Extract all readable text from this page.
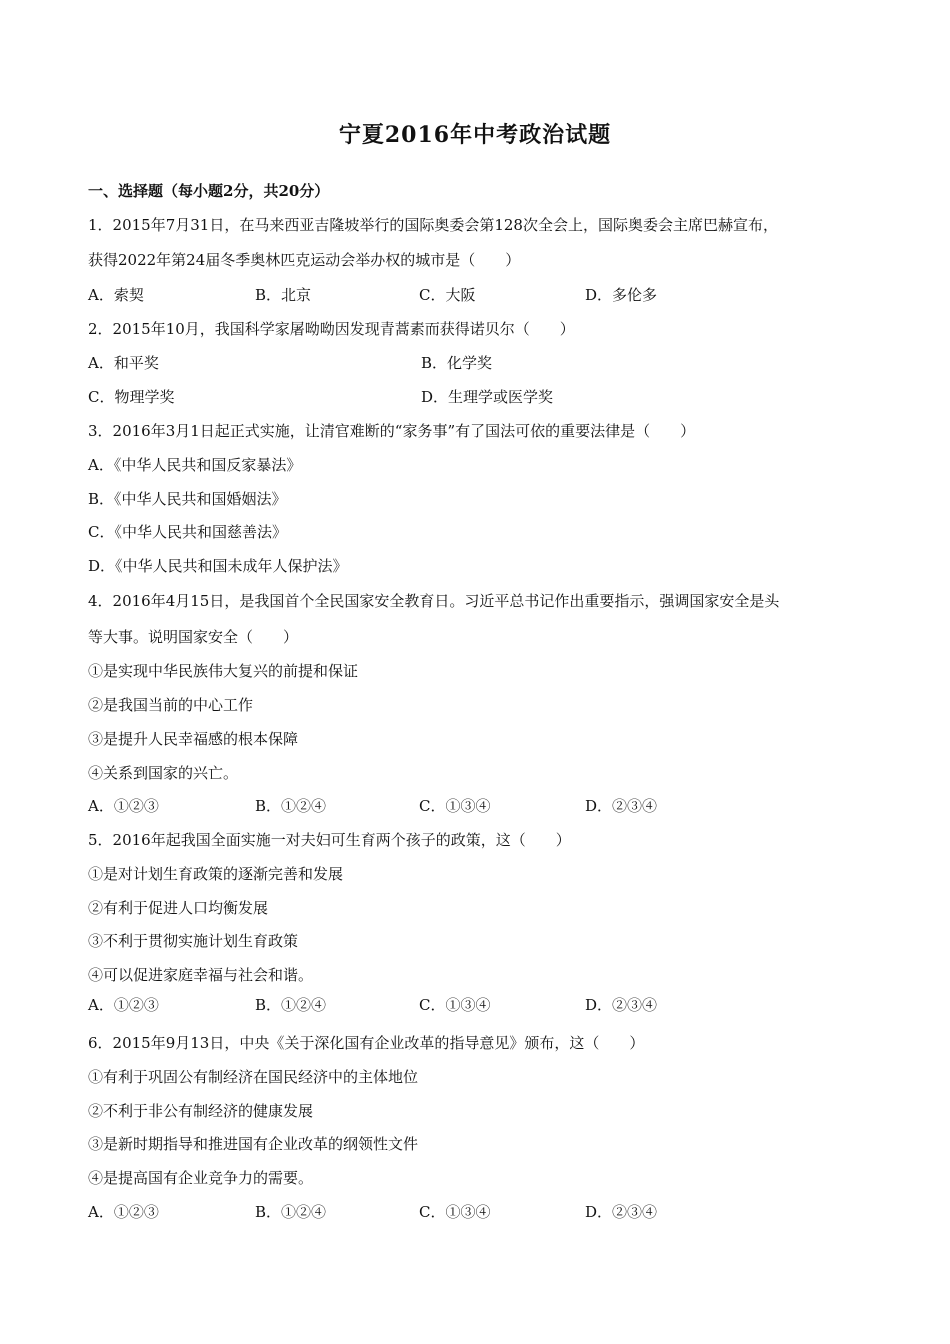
宁夏2016年中考政治试题
一、选择题（每小题2分，共20分）
1．2015年7月31日，在马来西亚吉隆坡举行的国际奥委会第128次全会上，国际奥委会主席巴赫宣布，
获得2022年第24届冬季奥林匹克运动会举办权的城市是（　　）
A．索契	B．北京	C．大阪	D．多伦多
2．2015年10月，我国科学家屠呦呦因发现青蒿素而获得诺贝尔（　　）
A．和平奖	B．化学奖
C．物理学奖	D．生理学或医学奖
3．2016年3月1日起正式实施，让清官难断的“家务事”有了国法可依的重要法律是（　　）
A．《中华人民共和国反家暴法》
B．《中华人民共和国婚姻法》
C．《中华人民共和国慈善法》
D．《中华人民共和国未成年人保护法》
4．2016年4月15日，是我国首个全民国家安全教育日。习近平总书记作出重要指示，强调国家安全是头
等大事。说明国家安全（　　）
①是实现中华民族伟大复兴的前提和保证
②是我国当前的中心工作
③是提升人民幸福感的根本保障
④关系到国家的兴亡。
A．①②③	B．①②④	C．①③④	D．②③④
5．2016年起我国全面实施一对夫妇可生育两个孩子的政策，这（　　）
①是对计划生育政策的逐渐完善和发展
②有利于促进人口均衡发展
③不利于贯彻实施计划生育政策
④可以促进家庭幸福与社会和谐。
A．①②③	B．①②④	C．①③④	D．②③④
6．2015年9月13日，中央《关于深化国有企业改革的指导意见》颁布，这（　　）
①有利于巩固公有制经济在国民经济中的主体地位
②不利于非公有制经济的健康发展
③是新时期指导和推进国有企业改革的纲领性文件
④是提高国有企业竞争力的需要。
A．①②③	B．①②④	C．①③④	D．②③④
